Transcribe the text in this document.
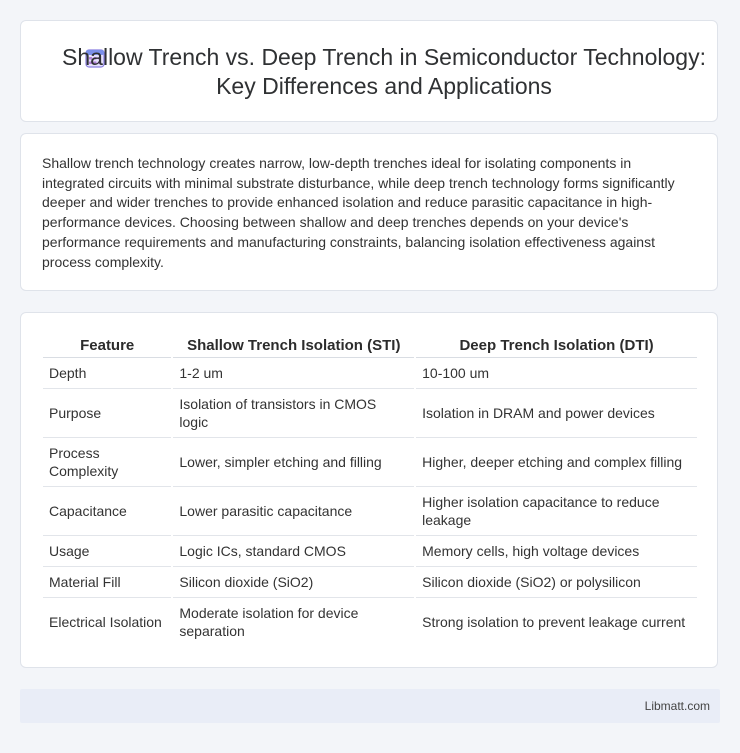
Shallow Trench vs. Deep Trench in Semiconductor Technology: Key Differences and Applications

Shallow trench technology creates narrow, low-depth trenches ideal for isolating components in integrated circuits with minimal substrate disturbance, while deep trench technology forms significantly deeper and wider trenches to provide enhanced isolation and reduce parasitic capacitance in high-performance devices. Choosing between shallow and deep trenches depends on your device's performance requirements and manufacturing constraints, balancing isolation effectiveness against process complexity.

Feature	Shallow Trench Isolation (STI)	Deep Trench Isolation (DTI)
Depth	1-2 um	10-100 um
Purpose	Isolation of transistors in CMOS logic	Isolation in DRAM and power devices
Process Complexity	Lower, simpler etching and filling	Higher, deeper etching and complex filling
Capacitance	Lower parasitic capacitance	Higher isolation capacitance to reduce leakage
Usage	Logic ICs, standard CMOS	Memory cells, high voltage devices
Material Fill	Silicon dioxide (SiO2)	Silicon dioxide (SiO2) or polysilicon
Electrical Isolation	Moderate isolation for device separation	Strong isolation to prevent leakage current
Libmatt.com
